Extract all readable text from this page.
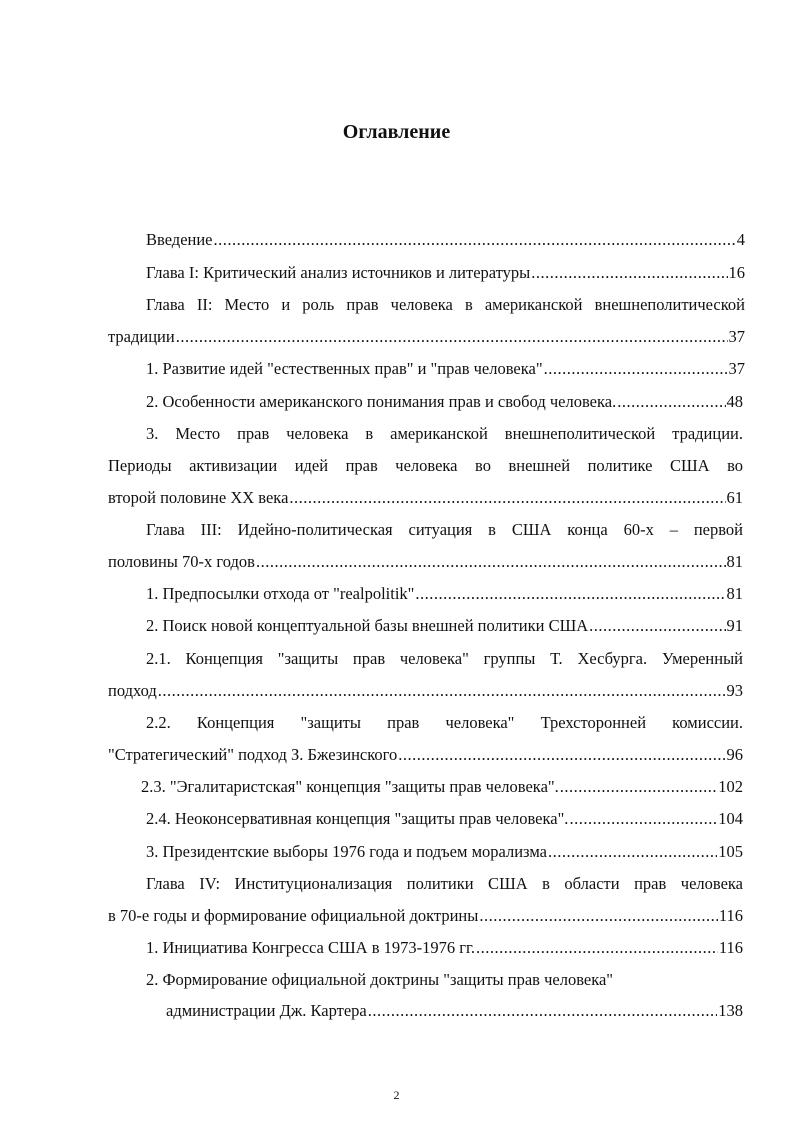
Оглавление
Введение .....	4
Глава I: Критический анализ источников и литературы .....	16
Глава II: Место и роль прав человека в американской внешнеполитической
традиции .....	37
1. Развитие идей "естественных прав" и "прав человека" .....	37
2. Особенности американского понимания прав и свобод человека. .....	48
3. Место прав человека в американской внешнеполитической традиции.
Периоды активизации идей прав человека во внешней политике США во
второй половине XX века .....	61
Глава III: Идейно-политическая ситуация в США конца 60-х – первой
половины 70-х годов .....	81
1. Предпосылки отхода от "realpolitik" .....	81
2. Поиск новой концептуальной базы внешней политики США .....	91
2.1. Концепция "защиты прав человека" группы Т. Хесбурга. Умеренный
подход .....	93
2.2. Концепция "защиты прав человека" Трехсторонней комиссии.
"Стратегический" подход З. Бжезинского .....	96
2.3. "Эгалитаристская" концепция "защиты прав человека". .....	102
2.4. Неоконсервативная концепция "защиты прав человека". .....	104
3. Президентские выборы 1976 года и подъем морализма .....	105
Глава IV: Институционализация политики США в области прав человека
в 70-е годы и формирование официальной доктрины .....	116
1. Инициатива Конгресса США в 1973-1976 гг. .....	116
2. Формирование официальной доктрины "защиты прав человека"
администрации Дж. Картера .....	138
2
